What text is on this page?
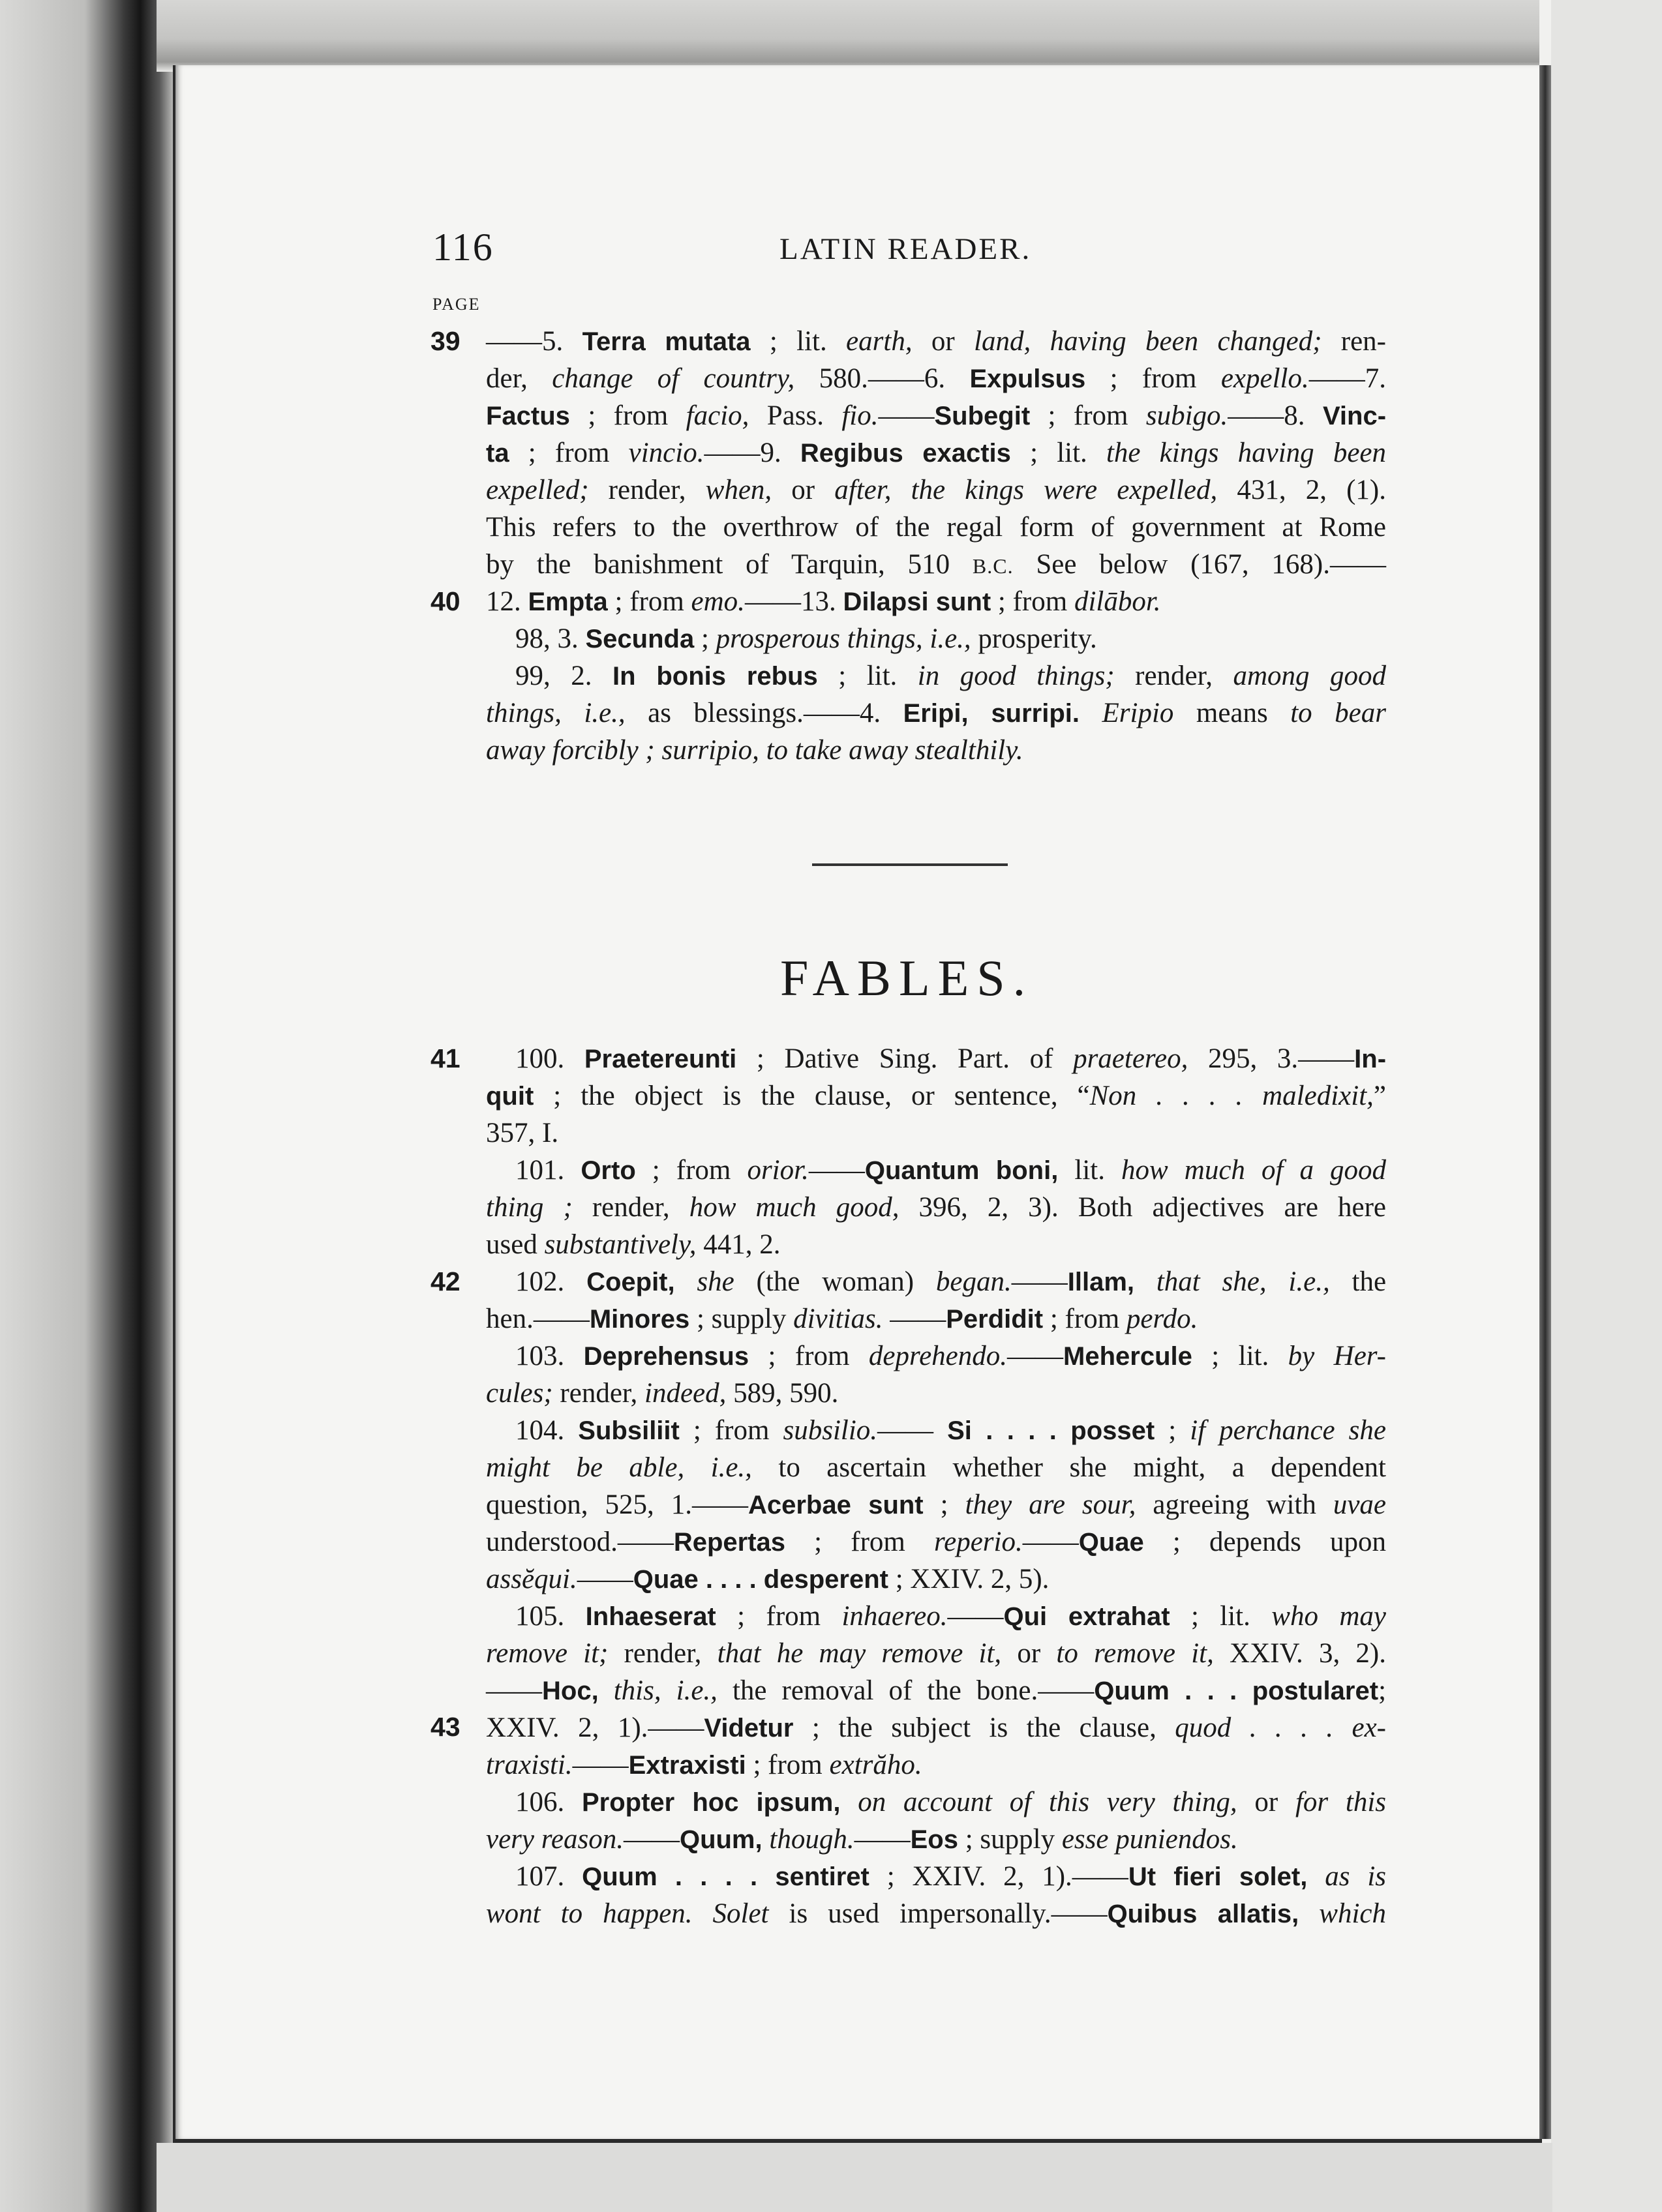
116	LATIN READER.
PAGE
39
40
41
42
43
——5. Terra mutata ; lit. earth, or land, having been changed; ren-
der, change of country, 580.——6. Expulsus ; from expello.——7.
Factus ; from facio, Pass. fio.——Subegit ; from subigo.——8. Vinc-
ta ; from vincio.——9. Regibus exactis ; lit. the kings having been
expelled; render, when, or after, the kings were expelled, 431, 2, (1).
This refers to the overthrow of the regal form of government at Rome
by the banishment of Tarquin, 510 B.C. See below (167, 168).——
12. Empta ; from emo.——13. Dilapsi sunt ; from dilābor.
98, 3. Secunda ; prosperous things, i.e., prosperity.
99, 2. In bonis rebus ; lit. in good things; render, among good
things, i.e., as blessings.——4. Eripi, surripi. Eripio means to bear
away forcibly ; surripio, to take away stealthily.
FABLES.
100. Praetereunti ; Dative Sing. Part. of praetereo, 295, 3.——In-
quit ; the object is the clause, or sentence, “Non . . . . maledixit,”
357, I.
101. Orto ; from orior.——Quantum boni, lit. how much of a good
thing ; render, how much good, 396, 2, 3). Both adjectives are here
used substantively, 441, 2.
102. Coepit, she (the woman) began.——Illam, that she, i.e., the
hen.——Minores ; supply divitias. ——Perdidit ; from perdo.
103. Deprehensus ; from deprehendo.——Mehercule ; lit. by Her-
cules; render, indeed, 589, 590.
104. Subsiliit ; from subsilio.—— Si . . . . posset ; if perchance she
might be able, i.e., to ascertain whether she might, a dependent
question, 525, 1.——Acerbae sunt ; they are sour, agreeing with uvae
understood.——Repertas ; from reperio.——Quae ; depends upon
assĕqui.——Quae . . . . desperent ; XXIV. 2, 5).
105. Inhaeserat ; from inhaereo.——Qui extrahat ; lit. who may
remove it; render, that he may remove it, or to remove it, XXIV. 3, 2).
——Hoc, this, i.e., the removal of the bone.——Quum . . . postularet;
XXIV. 2, 1).——Videtur ; the subject is the clause, quod . . . . ex-
traxisti.——Extraxisti ; from extrăho.
106. Propter hoc ipsum, on account of this very thing, or for this
very reason.——Quum, though.——Eos ; supply esse puniendos.
107. Quum . . . . sentiret ; XXIV. 2, 1).——Ut fieri solet, as is
wont to happen. Solet is used impersonally.——Quibus allatis, which
